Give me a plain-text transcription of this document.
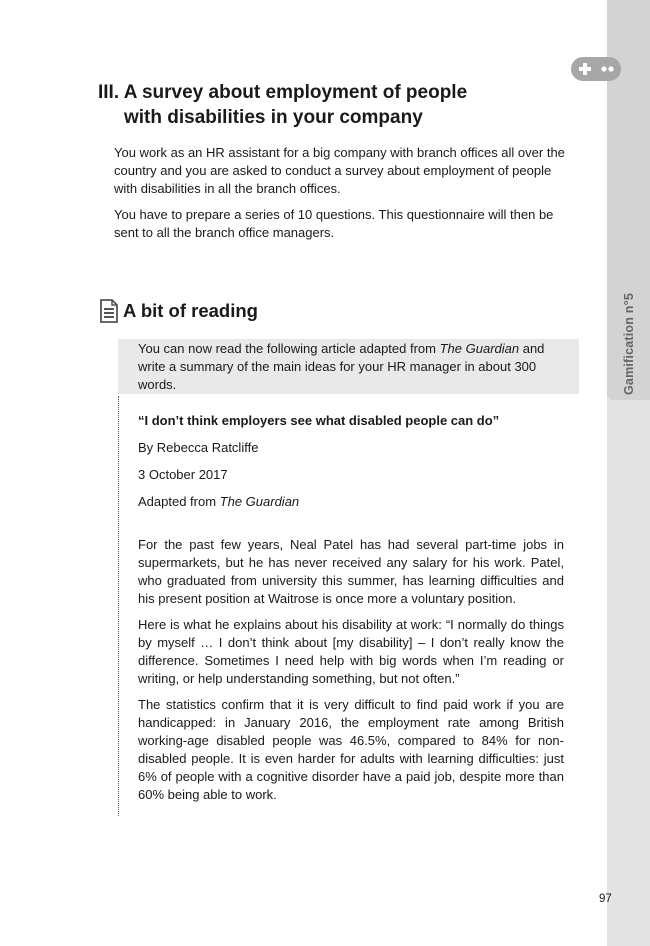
Gamification n°5
III. A survey about employment of people
with disabilities in your company

You work as an HR assistant for a big company with branch offices all over the country and you are asked to conduct a survey about employment of people with disabilities in all the branch offices.

You have to prepare a series of 10 questions. This questionnaire will then be sent to all the branch office managers.

A bit of reading

You can now read the following article adapted from The Guardian and write a summary of the main ideas for your HR manager in about 300 words.

“I don’t think employers see what disabled people can do”

By Rebecca Ratcliffe

3 October 2017

Adapted from The Guardian

For the past few years, Neal Patel has had several part-time jobs in supermarkets, but he has never received any salary for his work. Patel, who graduated from university this summer, has learning difficulties and his present position at Waitrose is once more a voluntary position.

Here is what he explains about his disability at work: “I normally do things by myself … I don’t think about [my disability] – I don’t really know the difference. Sometimes I need help with big words when I’m reading or writing, or help understanding something, but not often.”

The statistics confirm that it is very difficult to find paid work if you are handicapped: in January 2016, the employment rate among British working-age disabled people was 46.5%, compared to 84% for non-disabled people. It is even harder for adults with learning difficulties: just 6% of people with a cognitive disorder have a paid job, despite more than 60% being able to work.

97
